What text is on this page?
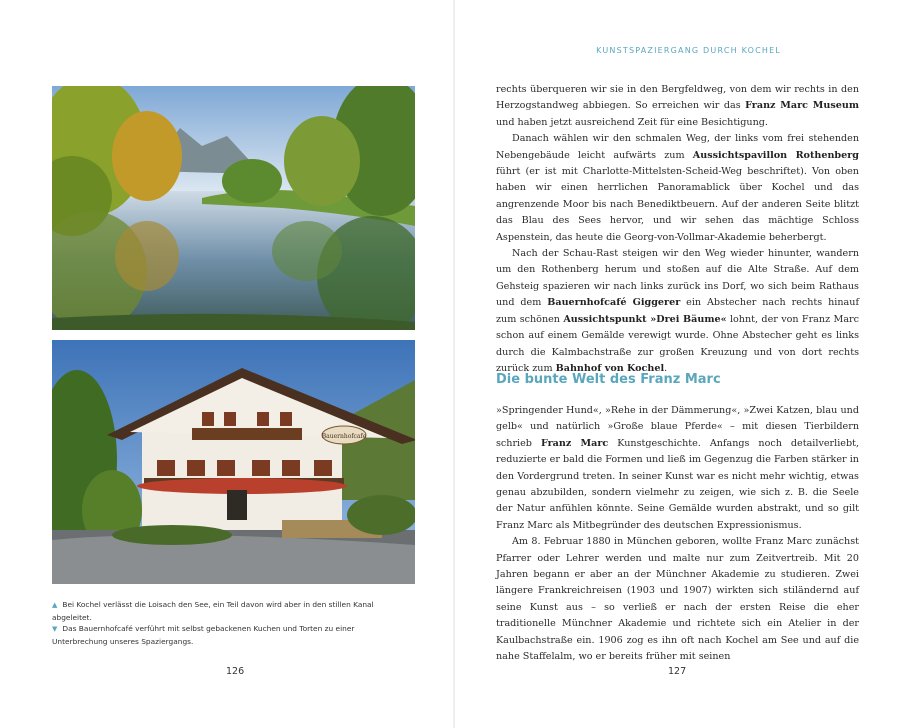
Bauernhofcafe

▲ Bei Kochel verlässt die Loisach den See, ein Teil davon wird aber in den stillen Kanal abgeleitet.

▼ Das Bauernhofcafé verführt mit selbst gebackenen Kuchen und Torten zu einer Unterbrechung unseres Spaziergangs.

126
KUNSTSPAZIERGANG DURCH KOCHEL

rechts überqueren wir sie in den Bergfeldweg, von dem wir rechts in den Herzogstandweg abbiegen. So erreichen wir das Franz Marc Museum und haben jetzt ausreichend Zeit für eine Besichtigung.

Danach wählen wir den schmalen Weg, der links vom frei stehenden Nebengebäude leicht aufwärts zum Aussichtspavillon Rothenberg führt (er ist mit Charlotte-Mittelsten-Scheid-Weg beschriftet). Von oben haben wir einen herrlichen Panoramablick über Kochel und das angrenzende Moor bis nach Benediktbeuern. Auf der anderen Seite blitzt das Blau des Sees hervor, und wir sehen das mächtige Schloss Aspenstein, das heute die Georg-von-Vollmar-Akademie beherbergt.

Nach der Schau-Rast steigen wir den Weg wieder hinunter, wandern um den Rothenberg herum und stoßen auf die Alte Straße. Auf dem Gehsteig spazieren wir nach links zurück ins Dorf, wo sich beim Rathaus und dem Bauernhofcafé Giggerer ein Abstecher nach rechts hinauf zum schönen Aussichtspunkt »Drei Bäume« lohnt, der von Franz Marc schon auf einem Gemälde verewigt wurde. Ohne Abstecher geht es links durch die Kalmbachstraße zur großen Kreuzung und von dort rechts zurück zum Bahnhof von Kochel.

Die bunte Welt des Franz Marc

»Springender Hund«, »Rehe in der Dämmerung«, »Zwei Katzen, blau und gelb« und natürlich »Große blaue Pferde« – mit diesen Tierbildern schrieb Franz Marc Kunstgeschichte. Anfangs noch detailverliebt, reduzierte er bald die Formen und ließ im Gegenzug die Farben stärker in den Vordergrund treten. In seiner Kunst war es nicht mehr wichtig, etwas genau abzubilden, sondern vielmehr zu zeigen, wie sich z. B. die Seele der Natur anfühlen könnte. Seine Gemälde wurden abstrakt, und so gilt Franz Marc als Mitbegründer des deutschen Expressionismus.

Am 8. Februar 1880 in München geboren, wollte Franz Marc zunächst Pfarrer oder Lehrer werden und malte nur zum Zeitvertreib. Mit 20 Jahren begann er aber an der Münchner Akademie zu studieren. Zwei längere Frankreichreisen (1903 und 1907) wirkten sich stiländernd auf seine Kunst aus – so verließ er nach der ersten Reise die eher traditionelle Münchner Akademie und richtete sich ein Atelier in der Kaulbachstraße ein. 1906 zog es ihn oft nach Kochel am See und auf die nahe Staffelalm, wo er bereits früher mit seinen

127
